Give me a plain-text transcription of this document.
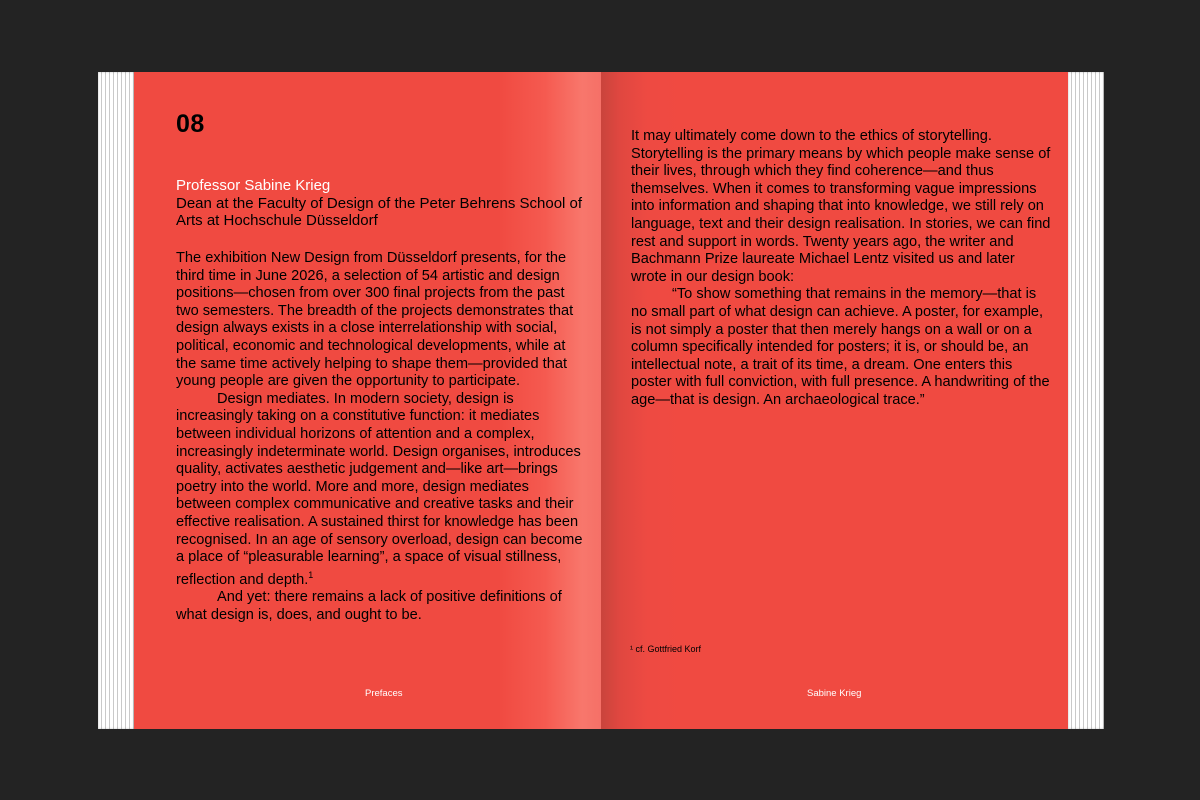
08
Professor Sabine Krieg
Dean at the Faculty of Design of the Peter Behrens School of Arts at Hochschule Düsseldorf

The exhibition New Design from Düsseldorf presents, for the third time in June 2026, a selection of 54 artistic and design positions—chosen from over 300 final projects from the past two semesters. The breadth of the projects demonstrates that design always exists in a close interrelationship with social, political, economic and technological developments, while at the same time actively helping to shape them—provided that young people are given the opportunity to participate.

Design mediates. In modern society, design is increasingly taking on a constitutive function: it mediates between individual horizons of attention and a complex, increasingly indeterminate world. Design organises, introduces quality, activates aesthetic judgement and—like art—brings poetry into the world. More and more, design mediates between complex communicative and creative tasks and their effective realisation. A sustained thirst for knowledge has been recognised. In an age of sensory overload, design can become a place of “pleasurable learning”, a space of visual stillness, reflection and depth.$^1$

And yet: there remains a lack of positive definitions of what design is, does, and ought to be.

Prefaces

It may ultimately come down to the ethics of storytelling. Storytelling is the primary means by which people make sense of their lives, through which they find coherence—and thus themselves. When it comes to transforming vague impressions into information and shaping that into knowledge, we still rely on language, text and their design realisation. In stories, we can find rest and support in words. Twenty years ago, the writer and Bachmann Prize laureate Michael Lentz visited us and later wrote in our design book:

“To show something that remains in the memory—that is no small part of what design can achieve. A poster, for example, is not simply a poster that then merely hangs on a wall or on a column specifically intended for posters; it is, or should be, an intellectual note, a trait of its time, a dream. One enters this poster with full conviction, with full presence. A handwriting of the age—that is design. An archaeological trace.”

¹ cf. Gottfried Korf
Sabine Krieg
